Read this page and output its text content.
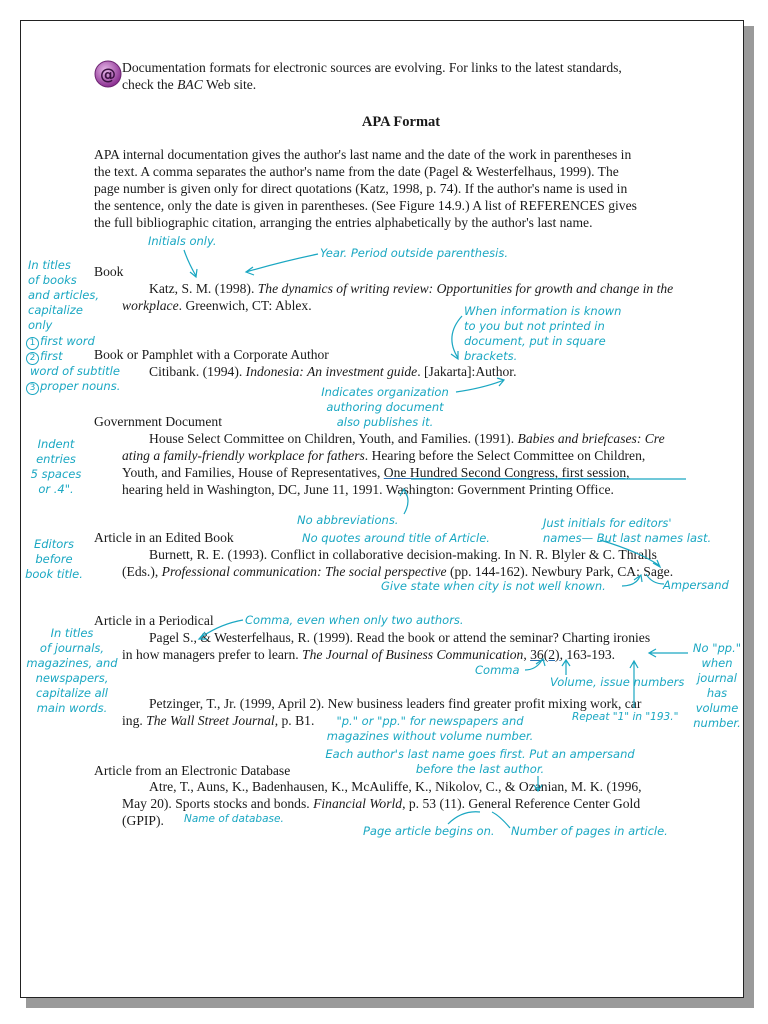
@ Documentation formats for electronic sources are evolving. For links to the latest standards,
check the BAC Web site.
APA Format
APA internal documentation gives the author's last name and the date of the work in parentheses in
the text. A comma separates the author's name from the date (Pagel & Westerfelhaus, 1999). The
page number is given only for direct quotations (Katz, 1998, p. 74). If the author's name is used in
the sentence, only the date is given in parentheses. (See Figure 14.9.) A list of REFERENCES gives
the full bibliographic citation, arranging the entries alphabetically by the author's last name.
Book
Katz, S. M. (1998). The dynamics of writing review: Opportunities for growth and change in the
workplace. Greenwich, CT: Ablex.
Book or Pamphlet with a Corporate Author
Citibank. (1994). Indonesia: An investment guide. [Jakarta]:Author.
Government Document
House Select Committee on Children, Youth, and Families. (1991). Babies and briefcases: Cre
ating a family-friendly workplace for fathers. Hearing before the Select Committee on Children,
Youth, and Families, House of Representatives, One Hundred Second Congress, first session,
hearing held in Washington, DC, June 11, 1991. Washington: Government Printing Office.
Article in an Edited Book
Burnett, R. E. (1993). Conflict in collaborative decision-making. In N. R. Blyler & C. Thralls
(Eds.), Professional communication: The social perspective (pp. 144-162). Newbury Park, CA: Sage.
Article in a Periodical
Pagel S., & Westerfelhaus, R. (1999). Read the book or attend the seminar? Charting ironies
in how managers prefer to learn. The Journal of Business Communication, 36(2), 163-193.
Petzinger, T., Jr. (1999, April 2). New business leaders find greater profit mixing work, car
ing. The Wall Street Journal, p. B1.
Article from an Electronic Database
Atre, T., Auns, K., Badenhausen, K., McAuliffe, K., Nikolov, C., & Ozanian, M. K. (1996,
May 20). Sports stocks and bonds. Financial World, p. 53 (11). General Reference Center Gold
(GPIP).
Initials only.
Year. Period outside parenthesis.
In titles
of books
and articles,
capitalize
only
1 first word
2 first
word of subtitle
3 proper nouns.
When information is known
to you but not printed in
document, put in square
brackets.
Indicates organization
authoring document
also publishes it.
Indent
entries
5 spaces
or .4".
No abbreviations.
No quotes around title of Article.
Just initials for editors'
names— But last names last.
Editors
before
book title.
Give state when city is not well known.	Ampersand
Comma, even when only two authors.
In titles
of journals,
magazines, and
newspapers,
capitalize all
main words.
No "pp."
when
journal
has
volume
number.
Comma
Volume, issue numbers
Repeat "1" in "193."
"p." or "pp." for newspapers and
magazines without volume number.
Each author's last name goes first. Put an ampersand
before the last author.
Name of database.
Page article begins on. Number of pages in article.
